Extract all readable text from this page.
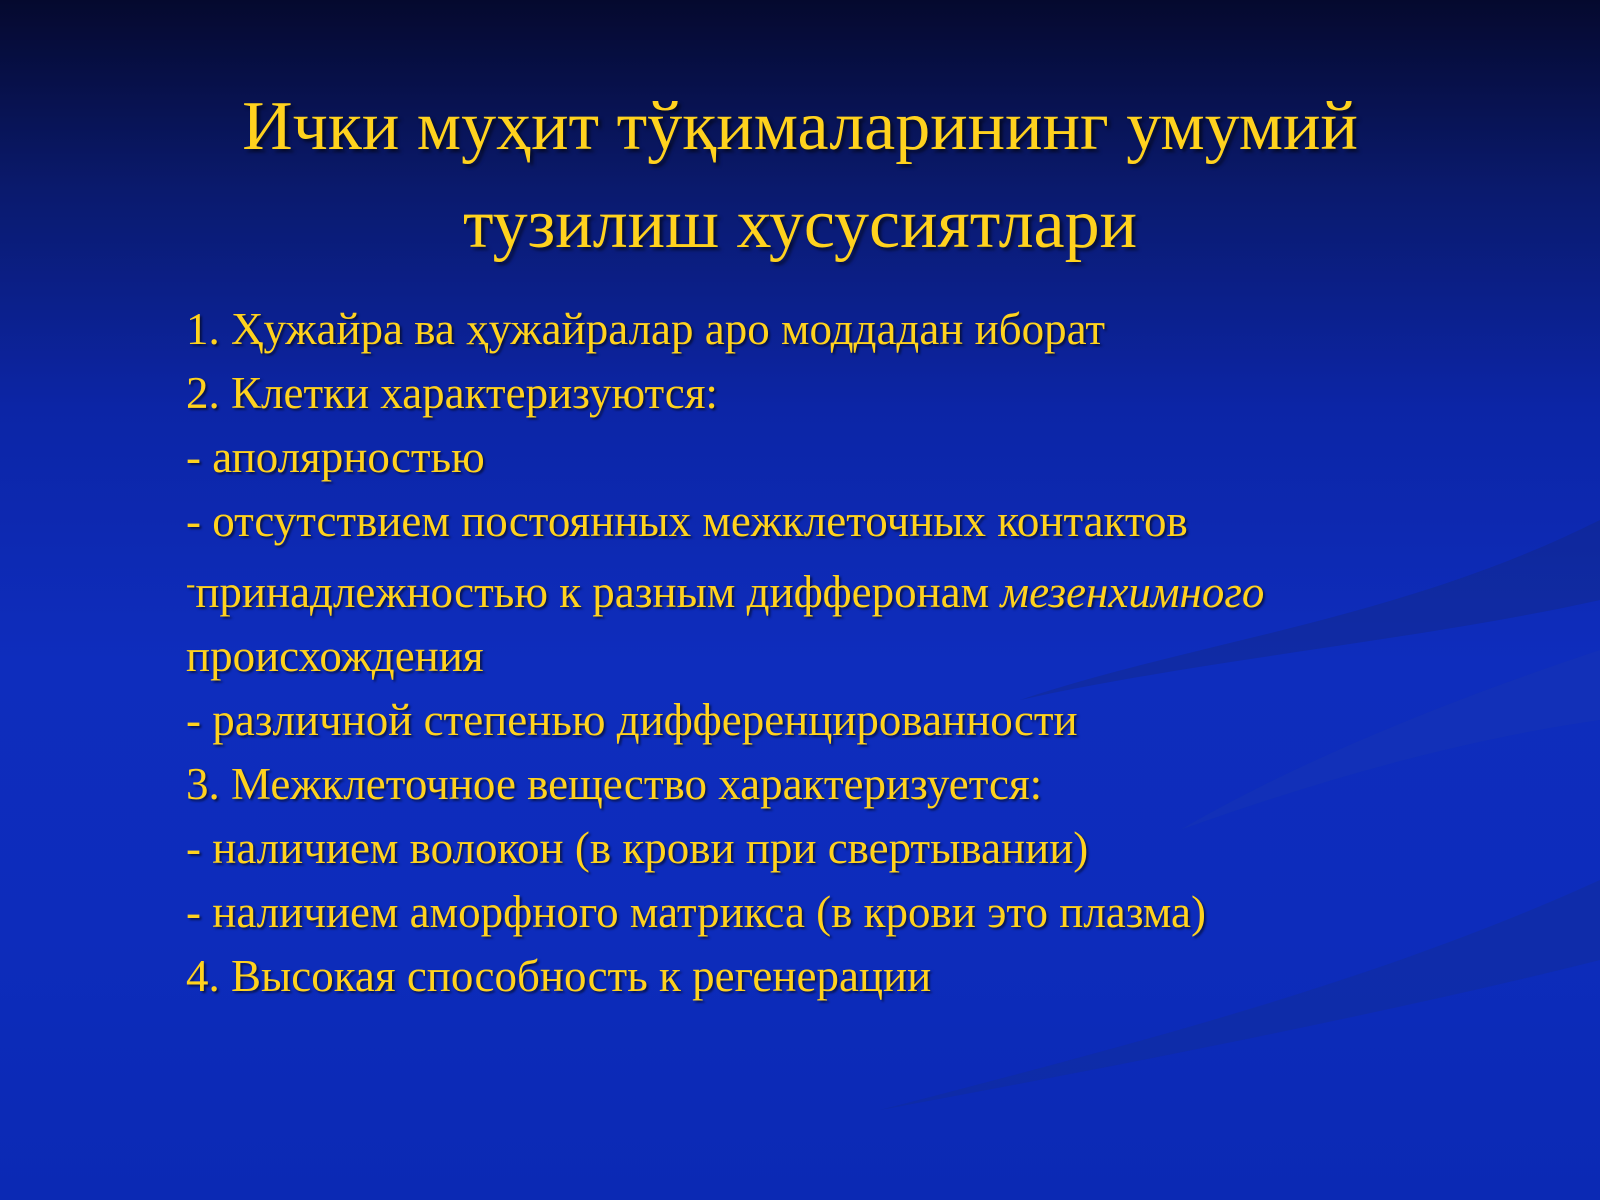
Ички муҳит тўқималарининг умумий
тузилиш хусусиятлари
1. Ҳужайра ва ҳужайралар аро моддадан иборат
2. Клетки характеризуются:
- аполярностью
- отсутствием постоянных межклеточных контактов
-принадлежностью к разным дифферонам мезенхимного
происхождения
- различной степенью дифференцированности
3. Межклеточное вещество характеризуется:
- наличием волокон (в крови при свертывании)
- наличием аморфного матрикса (в крови это плазма)
4. Высокая способность к регенерации
